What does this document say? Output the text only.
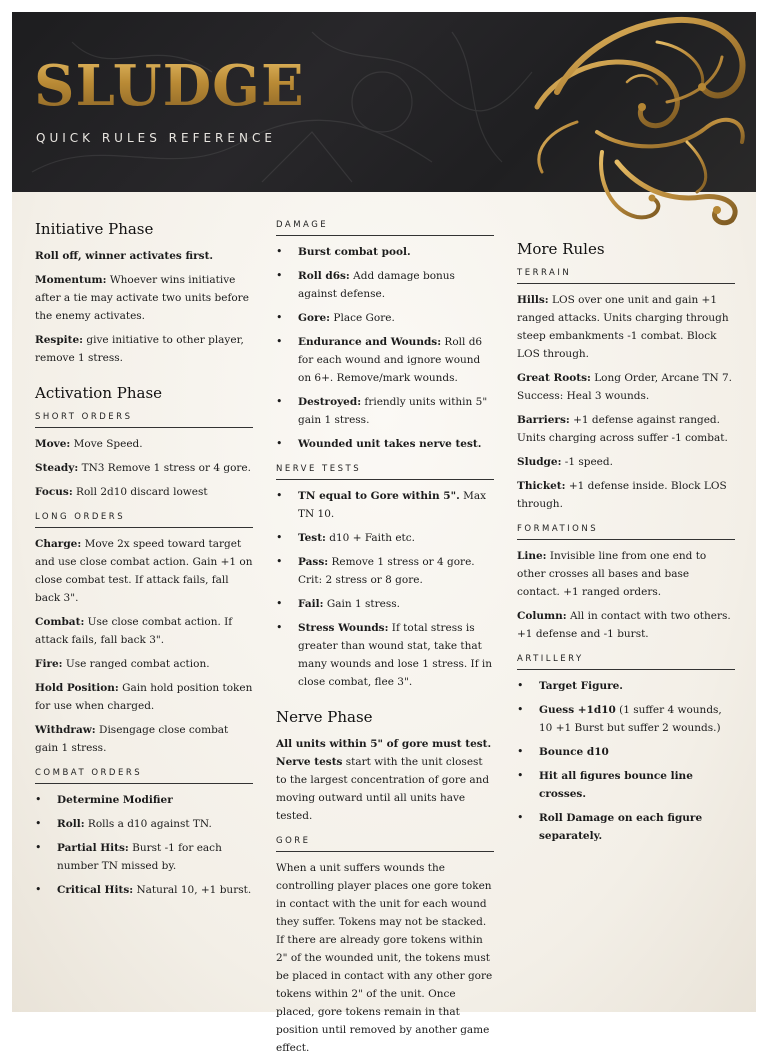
SLUDGE
QUICK RULES REFERENCE
Initiative Phase

Roll off, winner activates first.

Momentum: Whoever wins initiative after a tie may activate two units before the enemy activates.

Respite: give initiative to other player, remove 1 stress.

Activation Phase
SHORT ORDERS

Move: Move Speed.

Steady: TN3 Remove 1 stress or 4 gore.

Focus: Roll 2d10 discard lowest

LONG ORDERS

Charge: Move 2x speed toward target and use close combat action. Gain +1 on close combat test. If attack fails, fall back 3".

Combat: Use close combat action. If attack fails, fall back 3".

Fire: Use ranged combat action.

Hold Position: Gain hold position token for use when charged.

Withdraw: Disengage close combat gain 1 stress.

COMBAT ORDERS
• Determine Modifier
• Roll: Rolls a d10 against TN.
• Partial Hits: Burst -1 for each number TN missed by.
• Critical Hits: Natural 10, +1 burst.
DAMAGE
• Burst combat pool.
• Roll d6s: Add damage bonus against defense.
• Gore: Place Gore.
• Endurance and Wounds: Roll d6 for each wound and ignore wound on 6+. Remove/mark wounds.
• Destroyed: friendly units within 5" gain 1 stress.
• Wounded unit takes nerve test.
NERVE TESTS
• TN equal to Gore within 5". Max TN 10.
• Test: d10 + Faith etc.
• Pass: Remove 1 stress or 4 gore. Crit: 2 stress or 8 gore.
• Fail: Gain 1 stress.
• Stress Wounds: If total stress is greater than wound stat, take that many wounds and lose 1 stress. If in close combat, flee 3".
Nerve Phase

All units within 5" of gore must test. Nerve tests start with the unit closest to the largest concentration of gore and moving outward until all units have tested.

GORE

When a unit suffers wounds the controlling player places one gore token in contact with the unit for each wound they suffer. Tokens may not be stacked. If there are already gore tokens within 2" of the wounded unit, the tokens must be placed in contact with any other gore tokens within 2" of the unit. Once placed, gore tokens remain in that position until removed by another game effect.

More Rules
TERRAIN

Hills: LOS over one unit and gain +1 ranged attacks. Units charging through steep embankments -1 combat. Block LOS through.

Great Roots: Long Order, Arcane TN 7. Success: Heal 3 wounds.

Barriers: +1 defense against ranged. Units charging across suffer -1 combat.

Sludge: -1 speed.

Thicket: +1 defense inside. Block LOS through.

FORMATIONS

Line: Invisible line from one end to other crosses all bases and base contact. +1 ranged orders.

Column: All in contact with two others. +1 defense and -1 burst.

ARTILLERY
• Target Figure.
• Guess +1d10 (1 suffer 4 wounds, 10 +1 Burst but suffer 2 wounds.)
• Bounce d10
• Hit all figures bounce line crosses.
• Roll Damage on each figure separately.
